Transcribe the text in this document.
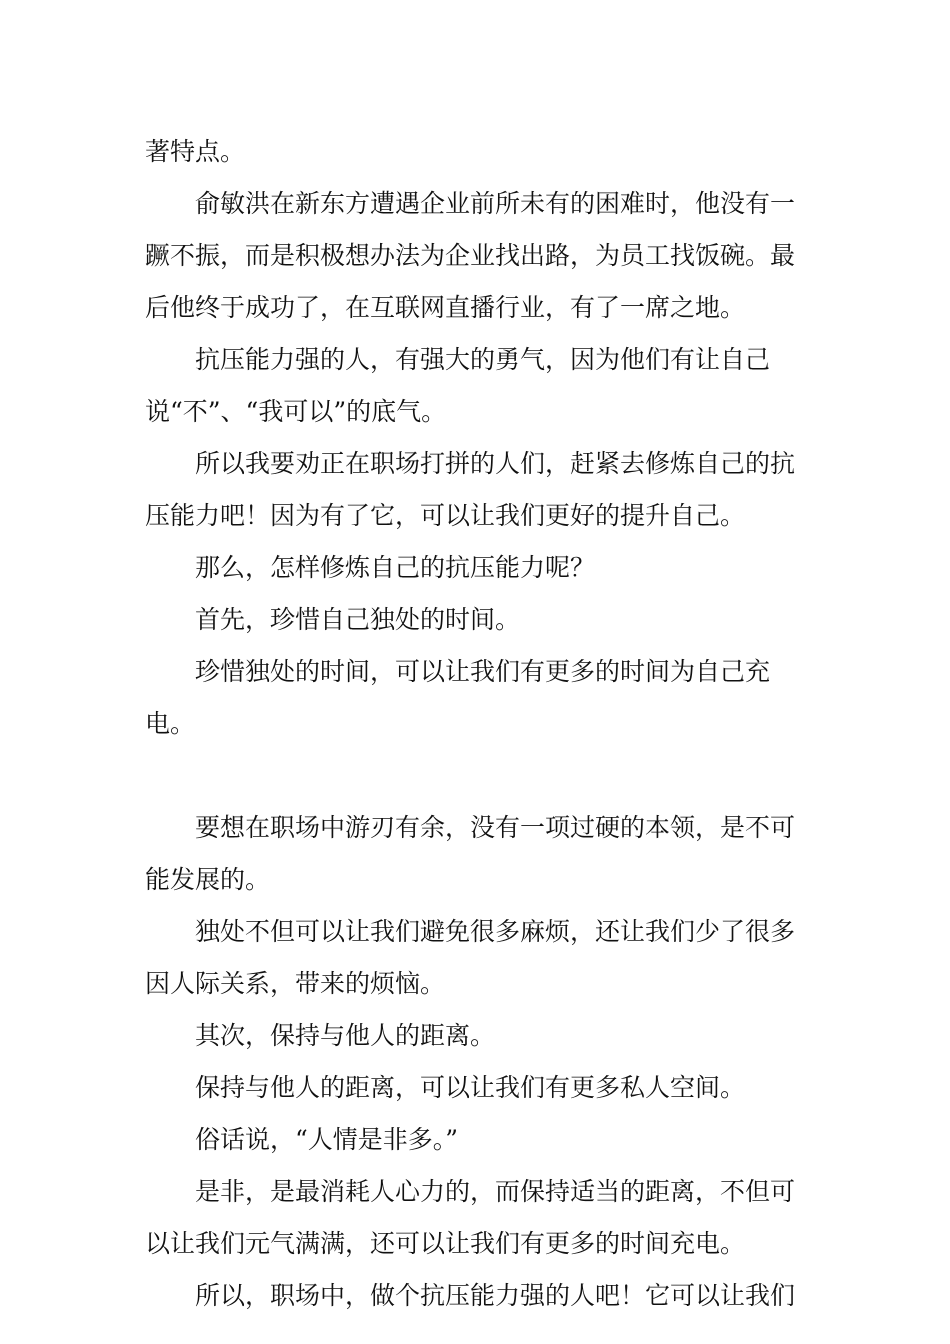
著特点。

俞敏洪在新东方遭遇企业前所未有的困难时，他没有一蹶不振，而是积极想办法为企业找出路，为员工找饭碗。最后他终于成功了，在互联网直播行业，有了一席之地。

抗压能力强的人，有强大的勇气，因为他们有让自己说“不”、“我可以”的底气。

所以我要劝正在职场打拼的人们，赶紧去修炼自己的抗压能力吧！因为有了它，可以让我们更好的提升自己。

那么，怎样修炼自己的抗压能力呢？

首先，珍惜自己独处的时间。

珍惜独处的时间，可以让我们有更多的时间为自己充电。

要想在职场中游刃有余，没有一项过硬的本领，是不可能发展的。

独处不但可以让我们避免很多麻烦，还让我们少了很多因人际关系，带来的烦恼。

其次，保持与他人的距离。

保持与他人的距离，可以让我们有更多私人空间。

俗话说，“人情是非多。”

是非，是最消耗人心力的，而保持适当的距离，不但可以让我们元气满满，还可以让我们有更多的时间充电。

所以，职场中，做个抗压能力强的人吧！它可以让我们
